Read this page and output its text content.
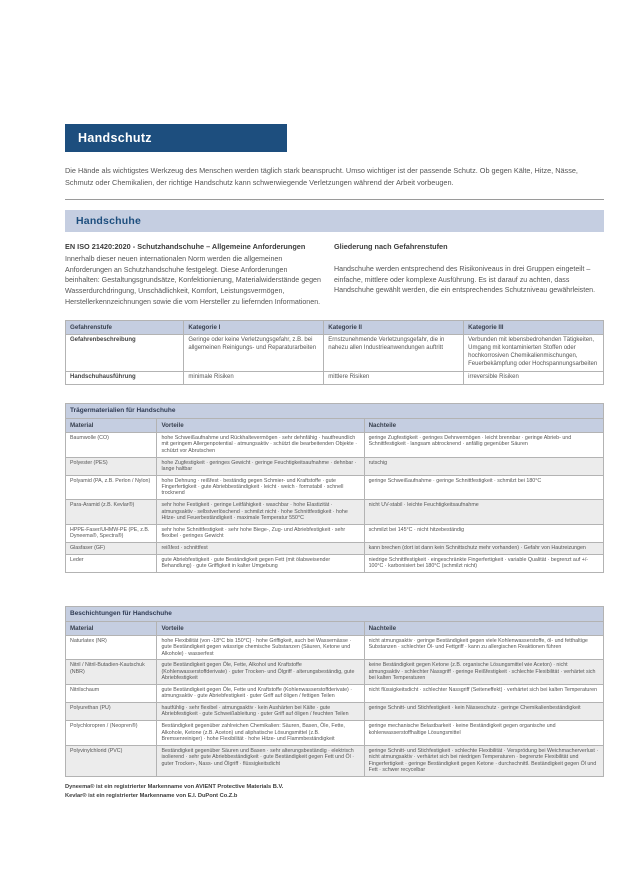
Handschutz

Die Hände als wichtigstes Werkzeug des Menschen werden täglich stark beansprucht. Umso wichtiger ist der passende Schutz. Ob gegen Kälte, Hitze, Nässe, Schmutz oder Chemikalien, der richtige Handschutz kann schwerwiegende Verletzungen während der Arbeit vorbeugen.

Handschuhe
EN ISO 21420:2020 - Schutzhandschuhe – Allgemeine Anforderungen

Innerhalb dieser neuen internationalen Norm werden die allgemeinen Anforderungen an Schutzhandschuhe festgelegt. Diese Anforderungen beinhalten: Gestaltungsgrundsätze, Konfektionierung, Materialwiderstände gegen Wasserdurchdringung, Unschädlichkeit, Komfort, Leistungsvermögen, Herstellerkennzeichnungen sowie die vom Hersteller zu liefernden Informationen.

Gliederung nach Gefahrenstufen

Handschuhe werden entsprechend des Risikoniveaus in drei Gruppen eingeteilt – einfache, mittlere oder komplexe Ausführung. Es ist darauf zu achten, dass Handschuhe gewählt werden, die ein entsprechendes Schutzniveau gewährleisten.

Gefahrenstufe	Kategorie I	Kategorie II	Kategorie III
Gefahrenbeschreibung	Geringe oder keine Verletzungsgefahr, z.B. bei allgemeinen Reinigungs- und Reparaturarbeiten	Ernstzunehmende Verletzungsgefahr, die in nahezu allen Industrieanwendungen auftritt	Verbunden mit lebensbedrohenden Tätigkeiten, Umgang mit kontaminierten Stoffen oder hochkorrosiven Chemikalienmischungen, Feuerbekämpfung oder Hochspannungsarbeiten
Handschuhausführung	minimale Risiken	mittlere Risiken	irreversible Risiken
Trägermaterialien für Handschuhe		
Material	Vorteile	Nachteile
Baumwolle (CO)	hohe Schweißaufnahme und Rückhaltevermögen · sehr dehnfähig · hautfreundlich mit geringem Allergenpotential · atmungsaktiv · schützt die bearbeitenden Objekte · schützt vor Abrutschen	geringe Zugfestigkeit · geringes Dehnvermögen · leicht brennbar · geringe Abrieb- und Schnittfestigkeit · langsam abtrocknend · anfällig gegenüber Säuren
Polyester (PES)	hohe Zugfestigkeit · geringes Gewicht · geringe Feuchtigkeitsaufnahme · dehnbar · lange haltbar	rutschig
Polyamid (PA, z.B. Perlon / Nylon)	hohe Dehnung · reißfest · beständig gegen Schmier- und Kraftstoffe · gute Fingerfertigkeit · gute Abriebbeständigkeit · leicht · weich · formstabil · schnell trocknend	geringe Schweißaufnahme · geringe Schnittfestigkeit · schmilzt bei 180°C
Para-Aramid (z.B. Kevlar®)	sehr hohe Festigkeit · geringe Leitfähigkeit · waschbar · hohe Elastizität · atmungsaktiv · selbstverlöschend · schmilzt nicht · hohe Schnittfestigkeit · hohe Hitze- und Feuerbeständigkeit · maximale Temperatur 550°C	nicht UV-stabil · leichte Feuchtigkeitsaufnahme
HPPE-Faser/UHMW-PE (PE, z.B. Dyneema®, Spectra®)	sehr hohe Schnittfestigkeit · sehr hohe Biege-, Zug- und Abriebfestigkeit · sehr flexibel · geringes Gewicht	schmilzt bei 145°C · nicht hitzebeständig
Glasfaser (GF)	reißfest · schnittfest	kann brechen (dort ist dann kein Schnittschutz mehr vorhanden) · Gefahr von Hautreizungen
Leder	gute Abriebfestigkeit · gute Beständigkeit gegen Fett (mit ölabweisender Behandlung) · gute Griffigkeit in kalter Umgebung	niedrige Schnittfestigkeit · eingeschränkte Fingerfertigkeit · variable Qualität · begrenzt auf +/- 100°C · karbonisiert bei 180°C (schmilzt nicht)
Beschichtungen für Handschuhe		
Material	Vorteile	Nachteile
Naturlatex (NR)	hohe Flexibilität (von -18°C bis 150°C) · hohe Griffigkeit, auch bei Wassernässe · gute Beständigkeit gegen wässrige chemische Substanzen (Säuren, Ketone und Alkohole) · wasserfest	nicht atmungsaktiv · geringe Beständigkeit gegen viele Kohlenwasserstoffe, öl- und fetthaltige Substanzen · schlechter Öl- und Fettgriff · kann zu allergischen Reaktionen führen
Nitril / Nitril-Butadien-Kautschuk (NBR)	gute Beständigkeit gegen Öle, Fette, Alkohol und Kraftstoffe (Kohlenwasserstoffderivate) · guter Trocken- und Ölgriff · alterungsbeständig, gute Abriebfestigkeit	keine Beständigkeit gegen Ketone (z.B. organische Lösungsmittel wie Aceton) · nicht atmungsaktiv · schlechter Nassgriff · geringe Reißfestigkeit · schlechte Flexibilität · verhärtet sich bei kalten Temperaturen
Nitrilschaum	gute Beständigkeit gegen Öle, Fette und Kraftstoffe (Kohlenwasserstoffderivate) · atmungsaktiv · gute Abriebfestigkeit · guter Griff auf öligen / fettigen Teilen	nicht flüssigkeitsdicht · schlechter Nassgriff (Seiteneffekt) · verhärtet sich bei kalten Temperaturen
Polyurethan (PU)	hautfühlig · sehr flexibel · atmungsaktiv · kein Aushärten bei Kälte · gute Abriebfestigkeit · gute Schweißableitung · guter Griff auf öligen / feuchten Teilen	geringe Schnitt- und Stichfestigkeit · kein Nässeschutz · geringe Chemikalienbeständigkeit
Polychloropren / (Neopren®)	Beständigkeit gegenüber zahlreichen Chemikalien: Säuren, Basen, Öle, Fette, Alkohole, Ketone (z.B. Aceton) und aliphatische Lösungsmittel (z.B. Bremsenreiniger) · hohe Flexibilität · hohe Hitze- und Flammbeständigkeit	geringe mechanische Belastbarkeit · keine Beständigkeit gegen organische und kohlenwasserstoffhaltige Lösungsmittel
Polyvinylchlorid (PVC)	Beständigkeit gegenüber Säuren und Basen · sehr alterungsbeständig · elektrisch isolierend · sehr gute Abriebbeständigkeit · gute Beständigkeit gegen Fett und Öl · guter Trocken-, Nass- und Ölgriff · flüssigkeitsdicht	geringe Schnitt- und Stichfestigkeit · schlechte Flexibilität · Versprödung bei Weichmacherverlust · nicht atmungsaktiv · verhärtet sich bei niedrigen Temperaturen · begrenzte Flexibilität und Fingerfertigkeit · geringe Beständigkeit gegen Ketone · durchschnittl. Beständigkeit gegen Öl und Fett · schwer recycelbar

Dyneema® ist ein registrierter Markenname von AVIENT Protective Materials B.V.

Kevlar® ist ein registrierter Markenname von E.I. DuPont Co.Z.b
